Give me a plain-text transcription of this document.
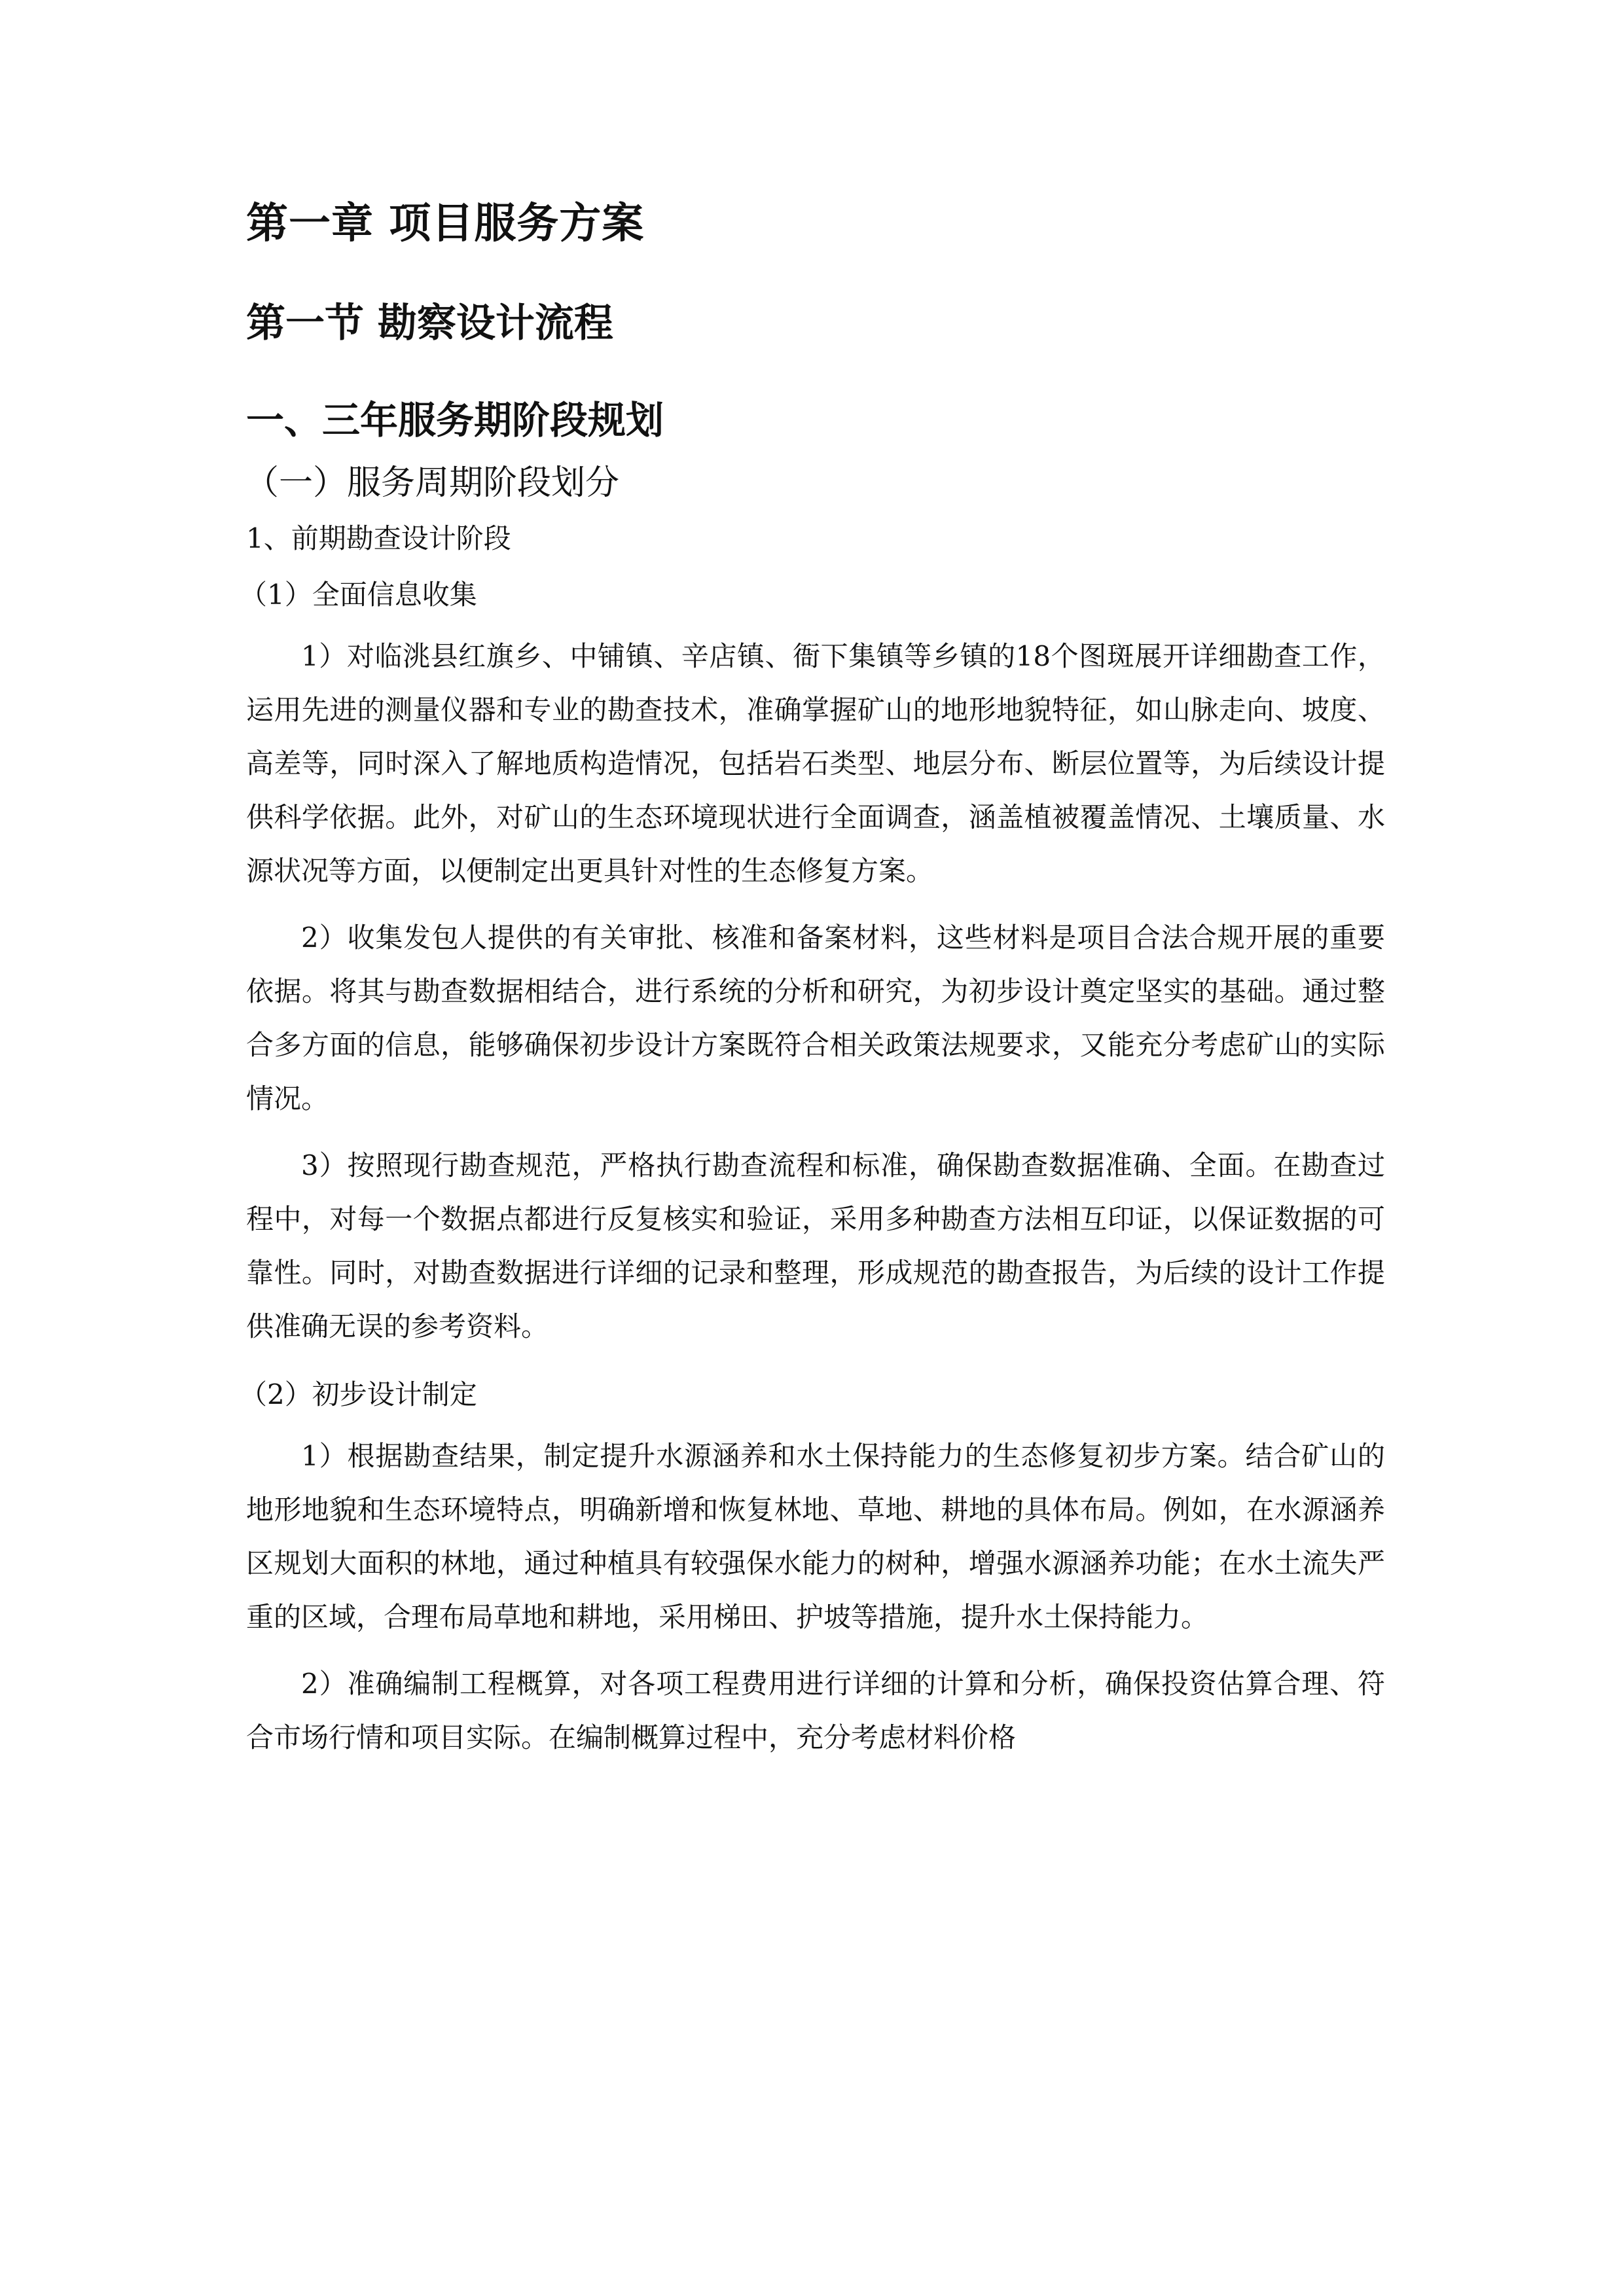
第一章 项目服务方案
第一节 勘察设计流程
一、三年服务期阶段规划
（一）服务周期阶段划分
1、前期勘查设计阶段
（1）全面信息收集

1）对临洮县红旗乡、中铺镇、辛店镇、衙下集镇等乡镇的18个图斑展开详细勘查工作，运用先进的测量仪器和专业的勘查技术，准确掌握矿山的地形地貌特征，如山脉走向、坡度、高差等，同时深入了解地质构造情况，包括岩石类型、地层分布、断层位置等，为后续设计提供科学依据。此外，对矿山的生态环境现状进行全面调查，涵盖植被覆盖情况、土壤质量、水源状况等方面，以便制定出更具针对性的生态修复方案。

2）收集发包人提供的有关审批、核准和备案材料，这些材料是项目合法合规开展的重要依据。将其与勘查数据相结合，进行系统的分析和研究，为初步设计奠定坚实的基础。通过整合多方面的信息，能够确保初步设计方案既符合相关政策法规要求，又能充分考虑矿山的实际情况。

3）按照现行勘查规范，严格执行勘查流程和标准，确保勘查数据准确、全面。在勘查过程中，对每一个数据点都进行反复核实和验证，采用多种勘查方法相互印证，以保证数据的可靠性。同时，对勘查数据进行详细的记录和整理，形成规范的勘查报告，为后续的设计工作提供准确无误的参考资料。

（2）初步设计制定

1）根据勘查结果，制定提升水源涵养和水土保持能力的生态修复初步方案。结合矿山的地形地貌和生态环境特点，明确新增和恢复林地、草地、耕地的具体布局。例如，在水源涵养区规划大面积的林地，通过种植具有较强保水能力的树种，增强水源涵养功能；在水土流失严重的区域，合理布局草地和耕地，采用梯田、护坡等措施，提升水土保持能力。

2）准确编制工程概算，对各项工程费用进行详细的计算和分析，确保投资估算合理、符合市场行情和项目实际。在编制概算过程中，充分考虑材料价格
